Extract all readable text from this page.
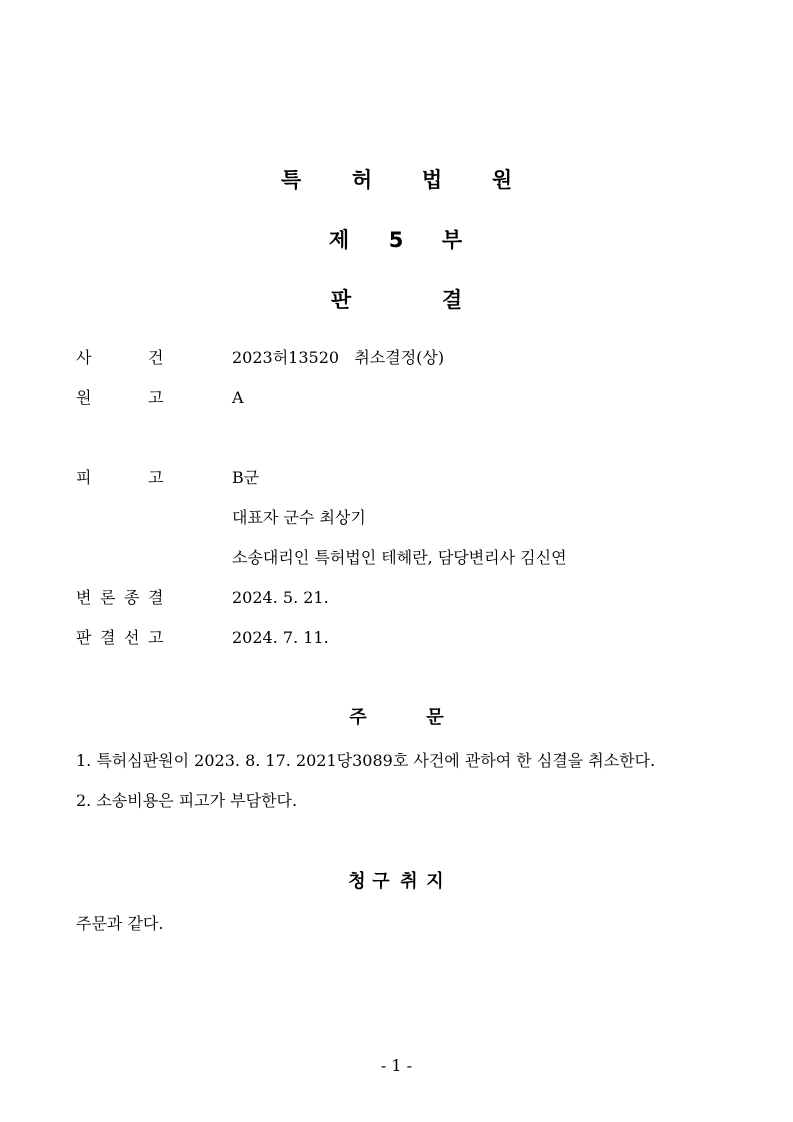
특 허 법 원
제 5 부
판	결
사	건	2023허13520   취소결정(상)
원	고	A
피	고	B군
대표자 군수 최상기
소송대리인 특허법인 테헤란, 담당변리사 김신연
변 론 종 결	2024. 5. 21.
판 결 선 고	2024. 7. 11.
주	문
1. 특허심판원이 2023. 8. 17. 2021당3089호 사건에 관하여 한 심결을 취소한다.
2. 소송비용은 피고가 부담한다.
청 구 취 지
주문과 같다.
- 1 -
